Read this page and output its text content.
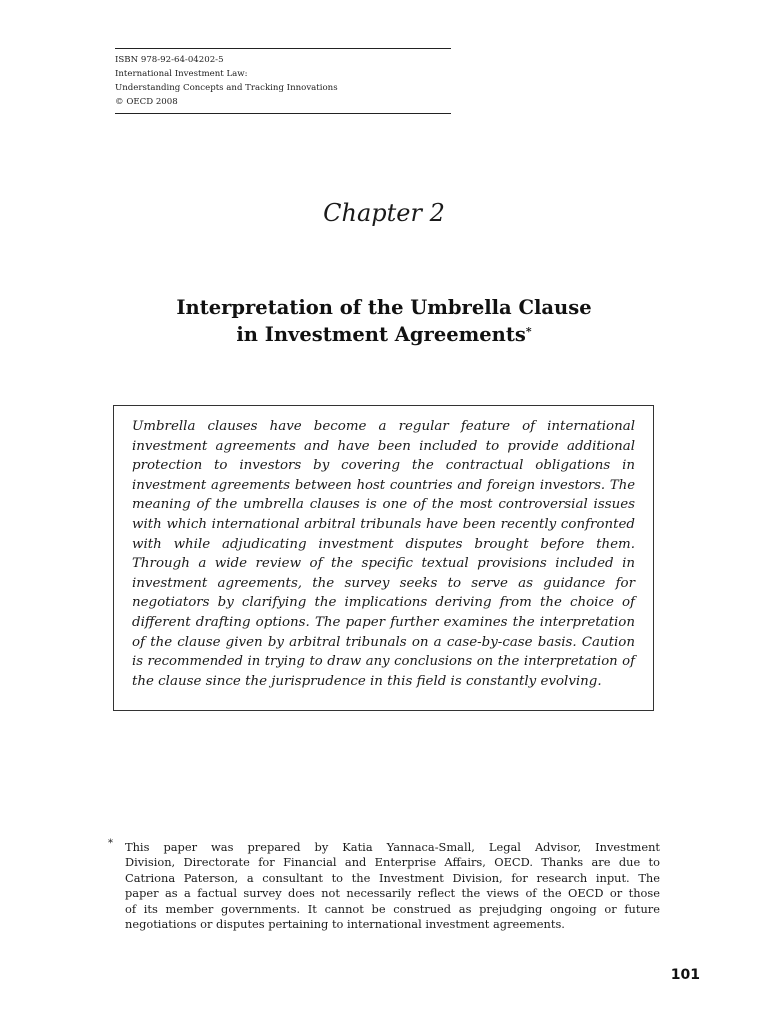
ISBN 978-92-64-04202-5
International Investment Law:
Understanding Concepts and Tracking Innovations
© OECD 2008
Chapter 2
Interpretation of the Umbrella Clause
in Investment Agreements*
Umbrella clauses have become a regular feature of international
investment agreements and have been included to provide additional
protection to investors by covering the contractual obligations in
investment agreements between host countries and foreign investors. The
meaning of the umbrella clauses is one of the most controversial issues
with which international arbitral tribunals have been recently confronted
with while adjudicating investment disputes brought before them.
Through a wide review of the specific textual provisions included in
investment agreements, the survey seeks to serve as guidance for
negotiators by clarifying the implications deriving from the choice of
different drafting options. The paper further examines the interpretation
of the clause given by arbitral tribunals on a case-by-case basis. Caution
is recommended in trying to draw any conclusions on the interpretation of
the clause since the jurisprudence in this field is constantly evolving.
* This paper was prepared by Katia Yannaca-Small, Legal Advisor, Investment
Division, Directorate for Financial and Enterprise Affairs, OECD. Thanks are due to
Catriona Paterson, a consultant to the Investment Division, for research input. The
paper as a factual survey does not necessarily reflect the views of the OECD or those
of its member governments. It cannot be construed as prejudging ongoing or future
negotiations or disputes pertaining to international investment agreements.
101
